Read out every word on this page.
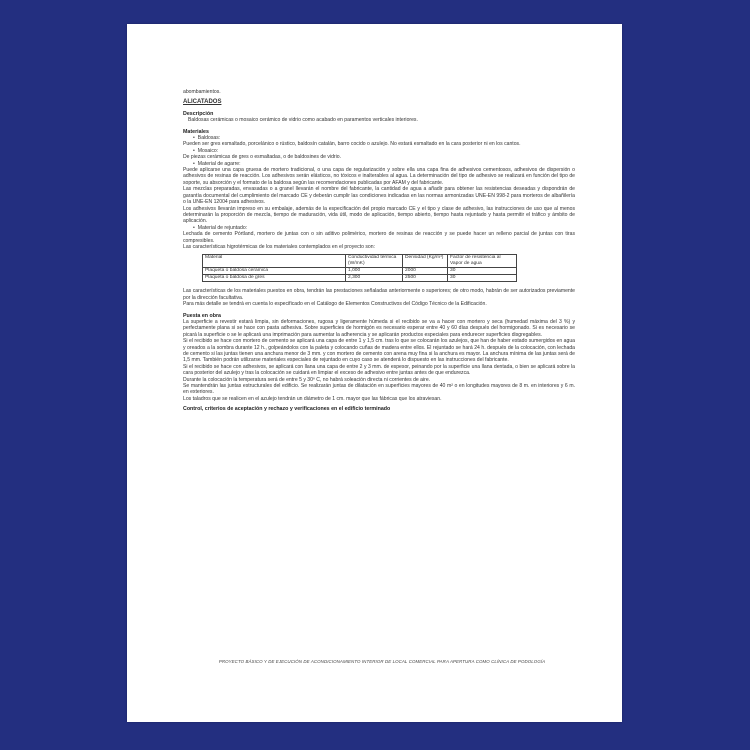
abombamientos.

ALICATADOS

Descripción

Baldosas cerámicas o mosaico cerámico de vidrio como acabado en paramentos verticales interiores.

Materiales

• Baldosas:

Pueden ser gres esmaltado, porcelánico o rústico, baldosín catalán, barro cocido o azulejo. No estará esmaltado en la cara posterior ni en los cantos.

• Mosaico:

De piezas cerámicas de gres o esmaltadas, o de baldosines de vidrio.

• Material de agarre:

Puede aplicarse una capa gruesa de mortero tradicional, o una capa de regularización y sobre ella una capa fina de adhesivos cementosos, adhesivos de dispersión o adhesivos de resinas de reacción. Los adhesivos serán elásticos, no tóxicos e inalterables al agua. La determinación del tipo de adhesivo se realizará en función del tipo de soporte, su absorción y el formato de la baldosa según las recomendaciones publicadas por AFAM y del fabricante.

Las mezclas preparadas, envasadas o a granel llevarán el nombre del fabricante, la cantidad de agua a añadir para obtener las resistencias deseadas y dispondrán de garantía documental del cumplimiento del marcado CE y deberán cumplir las condiciones indicadas en las normas armonizadas UNE-EN 998-2 para morteros de albañilería o la UNE-EN 12004 para adhesivos.

Los adhesivos llevarán impreso en su embalaje, además de la especificación del propio marcado CE y el tipo y clase de adhesivo, las instrucciones de uso que al menos determinarán la proporción de mezcla, tiempo de maduración, vida útil, modo de aplicación, tiempo abierto, tiempo hasta rejuntado y hasta permitir el tráfico y ámbito de aplicación.

• Material de rejuntado:

Lechada de cemento Pórtland, mortero de juntas con o sin aditivo polimérico, mortero de resinas de reacción y se puede hacer un relleno parcial de juntas con tiras compresibles.

Las características higrotérmicas de los materiales contemplados en el proyecto son:

Material	Conductividad térmica (W/mK)	Densidad (Kg/m³)	Factor de resistencia al Vapor de agua
Plaqueta o baldosa cerámica	1,000	2000	30
Plaqueta o baldosa de gres	2,300	2500	30

Las características de los materiales puestos en obra, tendrán las prestaciones señaladas anteriormente o superiores; de otro modo, habrán de ser autorizados previamente por la dirección facultativa.

Para más detalle se tendrá en cuenta lo especificado en el Catálogo de Elementos Constructivos del Código Técnico de la Edificación.

Puesta en obra

La superficie a revestir estará limpia, sin deformaciones, rugosa y ligeramente húmeda si el recibido se va a hacer con mortero y seca (humedad máxima del 3 %) y perfectamente plana si se hace con pasta adhesiva. Sobre superficies de hormigón es necesario esperar entre 40 y 60 días después del hormigonado. Si es necesario se picará la superficie o se le aplicará una imprimación para aumentar la adherencia y se aplicarán productos especiales para endurecer superficies disgregables.

Si el recibido se hace con mortero de cemento se aplicará una capa de entre 1 y 1,5 cm. tras lo que se colocarán los azulejos, que han de haber estado sumergidos en agua y oreados a la sombra durante 12 h., golpeándolos con la paleta y colocando cuñas de madera entre ellos. El rejuntado se hará 24 h. después de la colocación, con lechada de cemento si las juntas tienen una anchura menor de 3 mm. y con mortero de cemento con arena muy fina si la anchura es mayor. La anchura mínima de las juntas será de 1,5 mm. También podrán utilizarse materiales especiales de rejuntado en cuyo caso se atenderá lo dispuesto en las instrucciones del fabricante.

Si el recibido se hace con adhesivos, se aplicará con llana una capa de entre 2 y 3 mm. de espesor, peinando por la superficie una llana dentada, o bien se aplicará sobre la cara posterior del azulejo y tras la colocación se cuidará en limpiar el exceso de adhesivo entre juntas antes de que endurezca.

Durante la colocación la temperatura será de entre 5 y 30º C, no habrá soleación directa ni corrientes de aire.

Se mantendrán las juntas estructurales del edificio. Se realizarán juntas de dilatación en superficies mayores de 40 m² o en longitudes mayores de 8 m. en interiores y 6 m. en exteriores.

Los taladros que se realicen en el azulejo tendrán un diámetro de 1 cm. mayor que las fábricas que los atraviesan.

Control, criterios de aceptación y rechazo y verificaciones en el edificio terminado

PROYECTO BÁSICO Y DE EJECUCIÓN DE ACONDICIONAMIENTO INTERIOR DE LOCAL COMERCIAL PARA APERTURA COMO CLÍNICA DE PODOLOGÍA
